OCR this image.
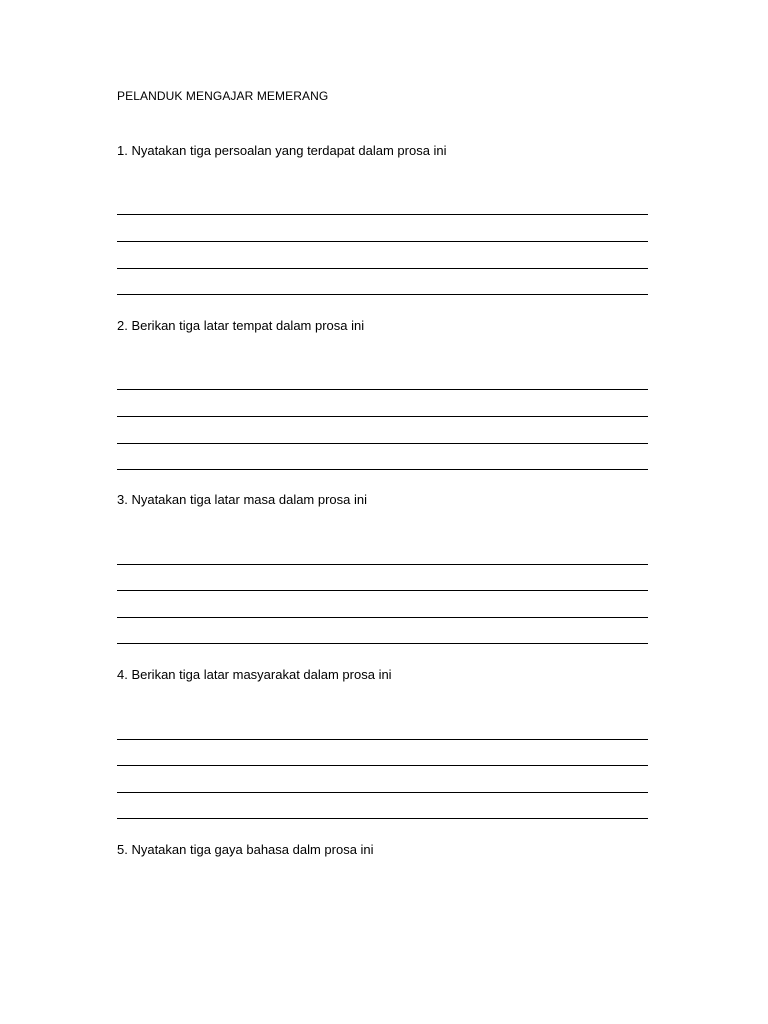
PELANDUK MENGAJAR MEMERANG
1. Nyatakan tiga persoalan yang terdapat dalam prosa ini
2. Berikan tiga latar tempat dalam prosa ini
3. Nyatakan tiga latar masa dalam prosa ini
4. Berikan tiga latar masyarakat dalam prosa ini
5. Nyatakan tiga gaya bahasa dalm prosa ini
